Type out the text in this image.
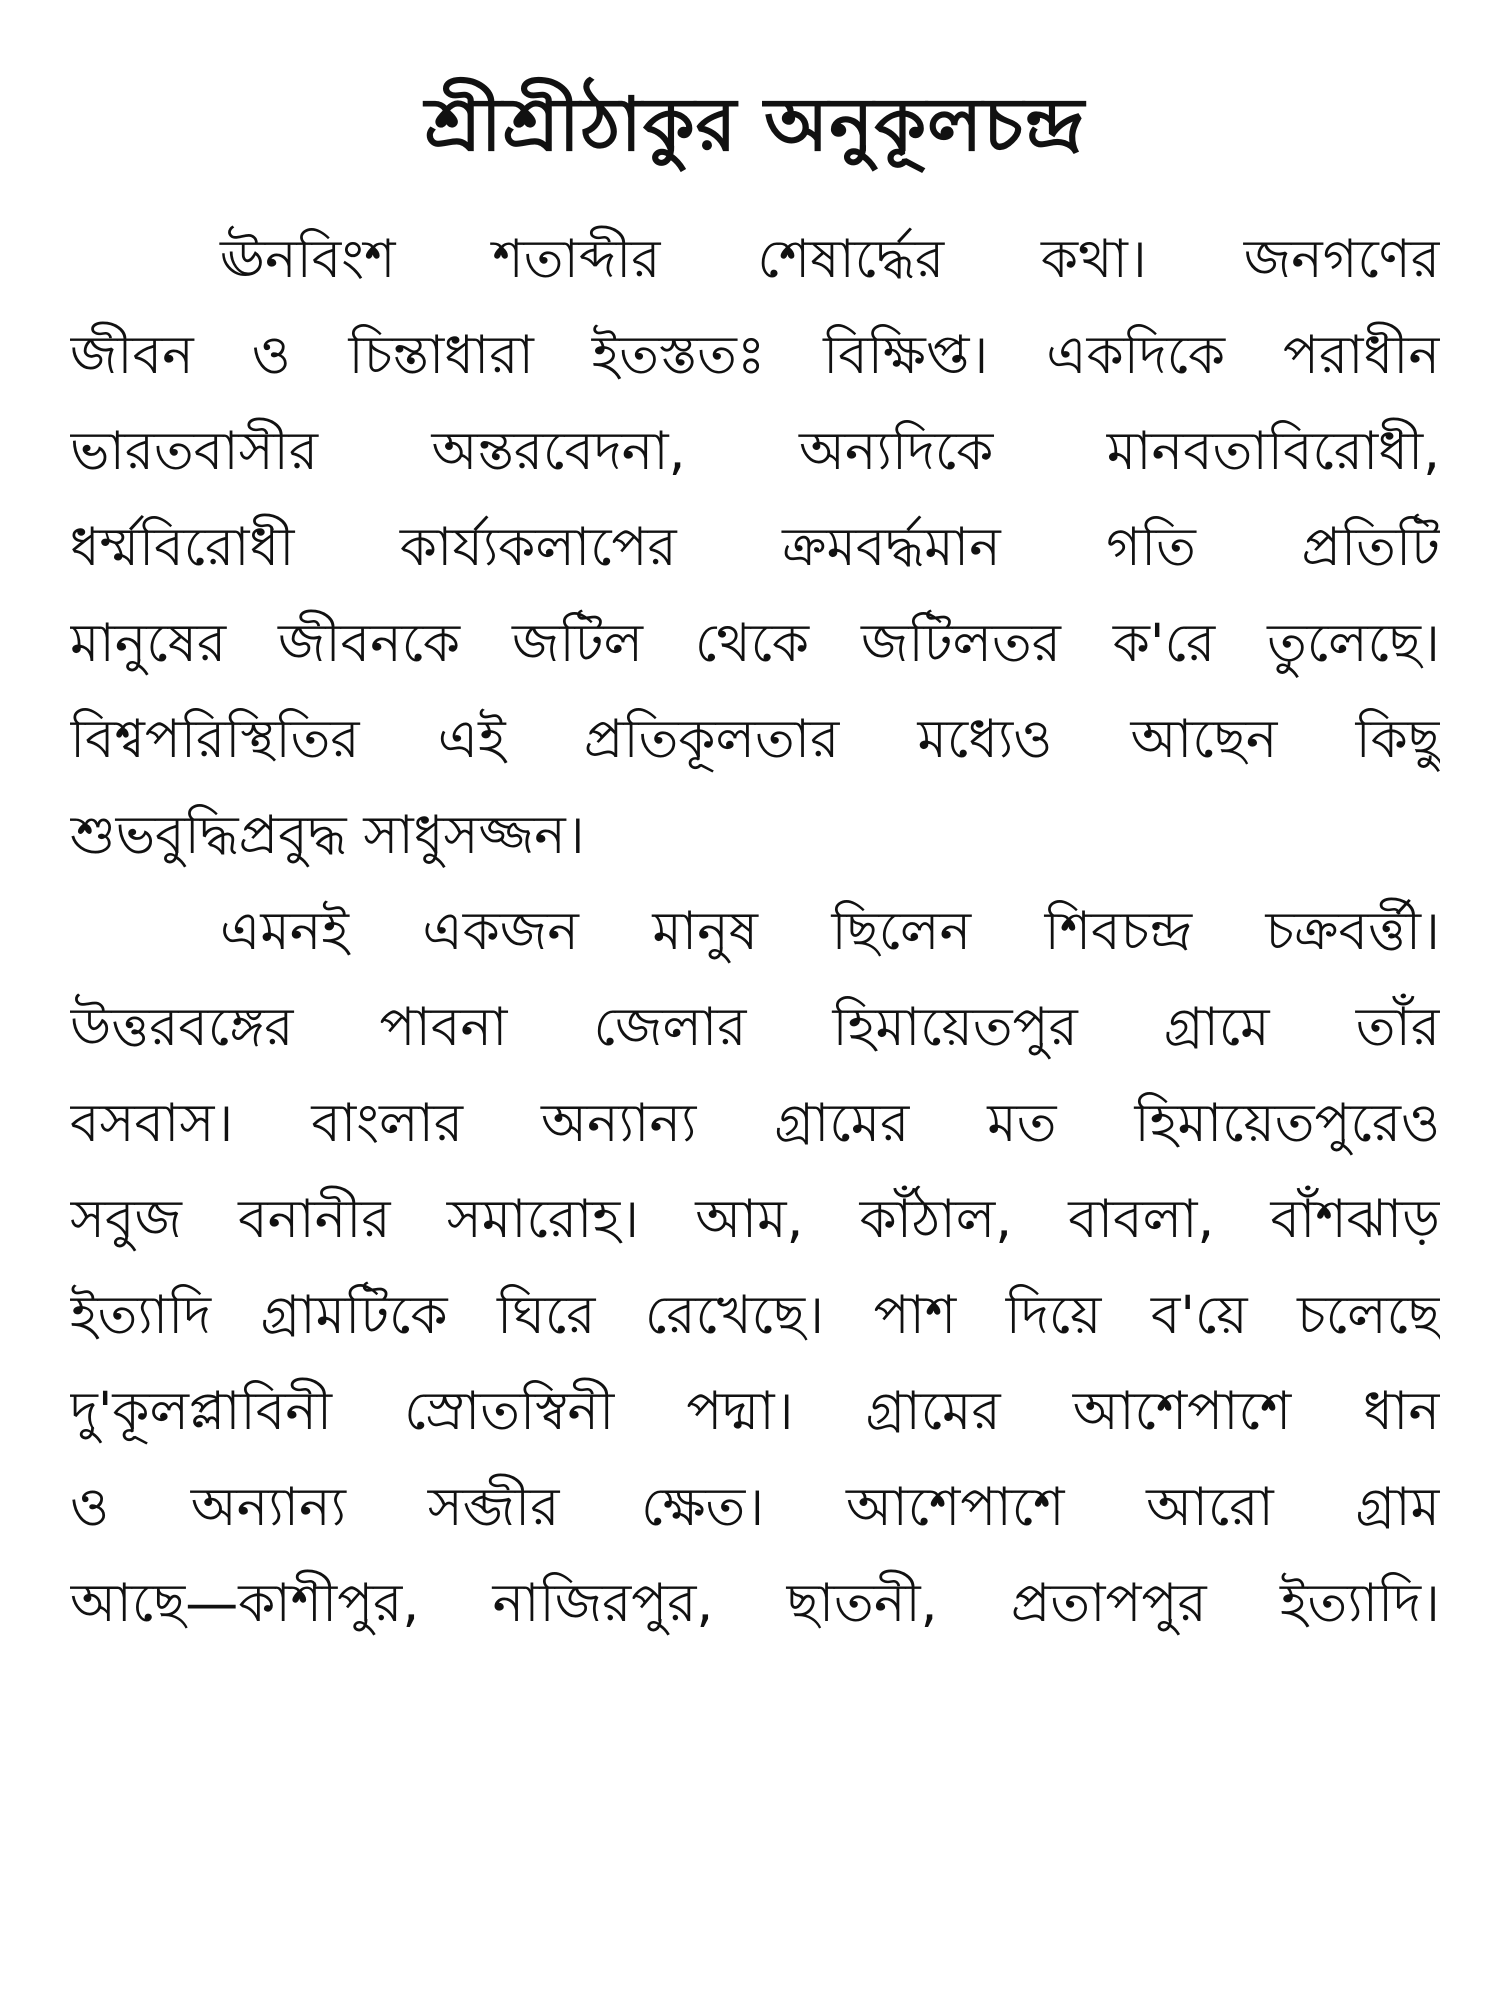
শ্রীশ্রীঠাকুর অনুকূলচন্দ্র
ঊনবিংশ শতাব্দীর শেষার্দ্ধের কথা। জনগণের
জীবন ও চিন্তাধারা ইতস্ততঃ বিক্ষিপ্ত। একদিকে পরাধীন
ভারতবাসীর অন্তরবেদনা, অন্যদিকে মানবতাবিরোধী,
ধর্ম্মবিরোধী কার্য্যকলাপের ক্রমবর্দ্ধমান গতি প্রতিটি
মানুষের জীবনকে জটিল থেকে জটিলতর ক'রে তুলেছে।
বিশ্বপরিস্থিতির এই প্রতিকূলতার মধ্যেও আছেন কিছু
শুভবুদ্ধিপ্রবুদ্ধ সাধুসজ্জন।
এমনই একজন মানুষ ছিলেন শিবচন্দ্র চক্রবর্ত্তী।
উত্তরবঙ্গের পাবনা জেলার হিমায়েতপুর গ্রামে তাঁর
বসবাস। বাংলার অন্যান্য গ্রামের মত হিমায়েতপুরেও
সবুজ বনানীর সমারোহ। আম, কাঁঠাল, বাবলা, বাঁশঝাড়
ইত্যাদি গ্রামটিকে ঘিরে রেখেছে। পাশ দিয়ে ব'য়ে চলেছে
দু'কূলপ্লাবিনী স্রোতস্বিনী পদ্মা। গ্রামের আশেপাশে ধান
ও অন্যান্য সব্জীর ক্ষেত। আশেপাশে আরো গ্রাম
আছে—কাশীপুর, নাজিরপুর, ছাতনী, প্রতাপপুর ইত্যাদি।
